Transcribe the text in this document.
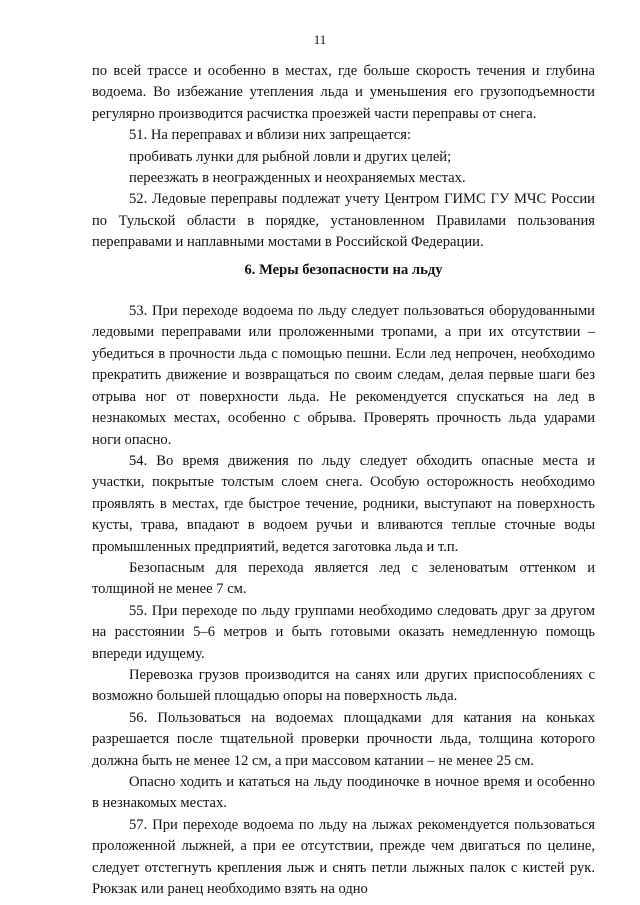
11

по всей трассе и особенно в местах, где больше скорость течения и глубина водоема. Во избежание утепления льда и уменьшения его грузоподъемности регулярно производится расчистка проезжей части переправы от снега.

51. На переправах и вблизи них запрещается:

пробивать лунки для рыбной ловли и других целей;

переезжать в неогражденных и неохраняемых местах.

52. Ледовые переправы подлежат учету Центром ГИМС ГУ МЧС России по Тульской области в порядке, установленном Правилами пользования переправами и наплавными мостами в Российской Федерации.

6. Меры безопасности на льду

53. При переходе водоема по льду следует пользоваться оборудованными ледовыми переправами или проложенными тропами, а при их отсутствии – убедиться в прочности льда с помощью пешни. Если лед непрочен, необходимо прекратить движение и возвращаться по своим следам, делая первые шаги без отрыва ног от поверхности льда. Не рекомендуется спускаться на лед в незнакомых местах, особенно с обрыва. Проверять прочность льда ударами ноги опасно.

54. Во время движения по льду следует обходить опасные места и участки, покрытые толстым слоем снега. Особую осторожность необходимо проявлять в местах, где быстрое течение, родники, выступают на поверхность кусты, трава, впадают в водоем ручьи и вливаются теплые сточные воды промышленных предприятий, ведется заготовка льда и т.п.

Безопасным для перехода является лед с зеленоватым оттенком и толщиной не менее 7 см.

55. При переходе по льду группами необходимо следовать друг за другом на расстоянии 5–6 метров и быть готовыми оказать немедленную помощь впереди идущему.

Перевозка грузов производится на санях или других приспособлениях с возможно большей площадью опоры на поверхность льда.

56. Пользоваться на водоемах площадками для катания на коньках разрешается после тщательной проверки прочности льда, толщина которого должна быть не менее 12 см, а при массовом катании – не менее 25 см.

Опасно ходить и кататься на льду поодиночке в ночное время и особенно в незнакомых местах.

57. При переходе водоема по льду на лыжах рекомендуется пользоваться проложенной лыжней, а при ее отсутствии, прежде чем двигаться по целине, следует отстегнуть крепления лыж и снять петли лыжных палок с кистей рук. Рюкзак или ранец необходимо взять на одно
